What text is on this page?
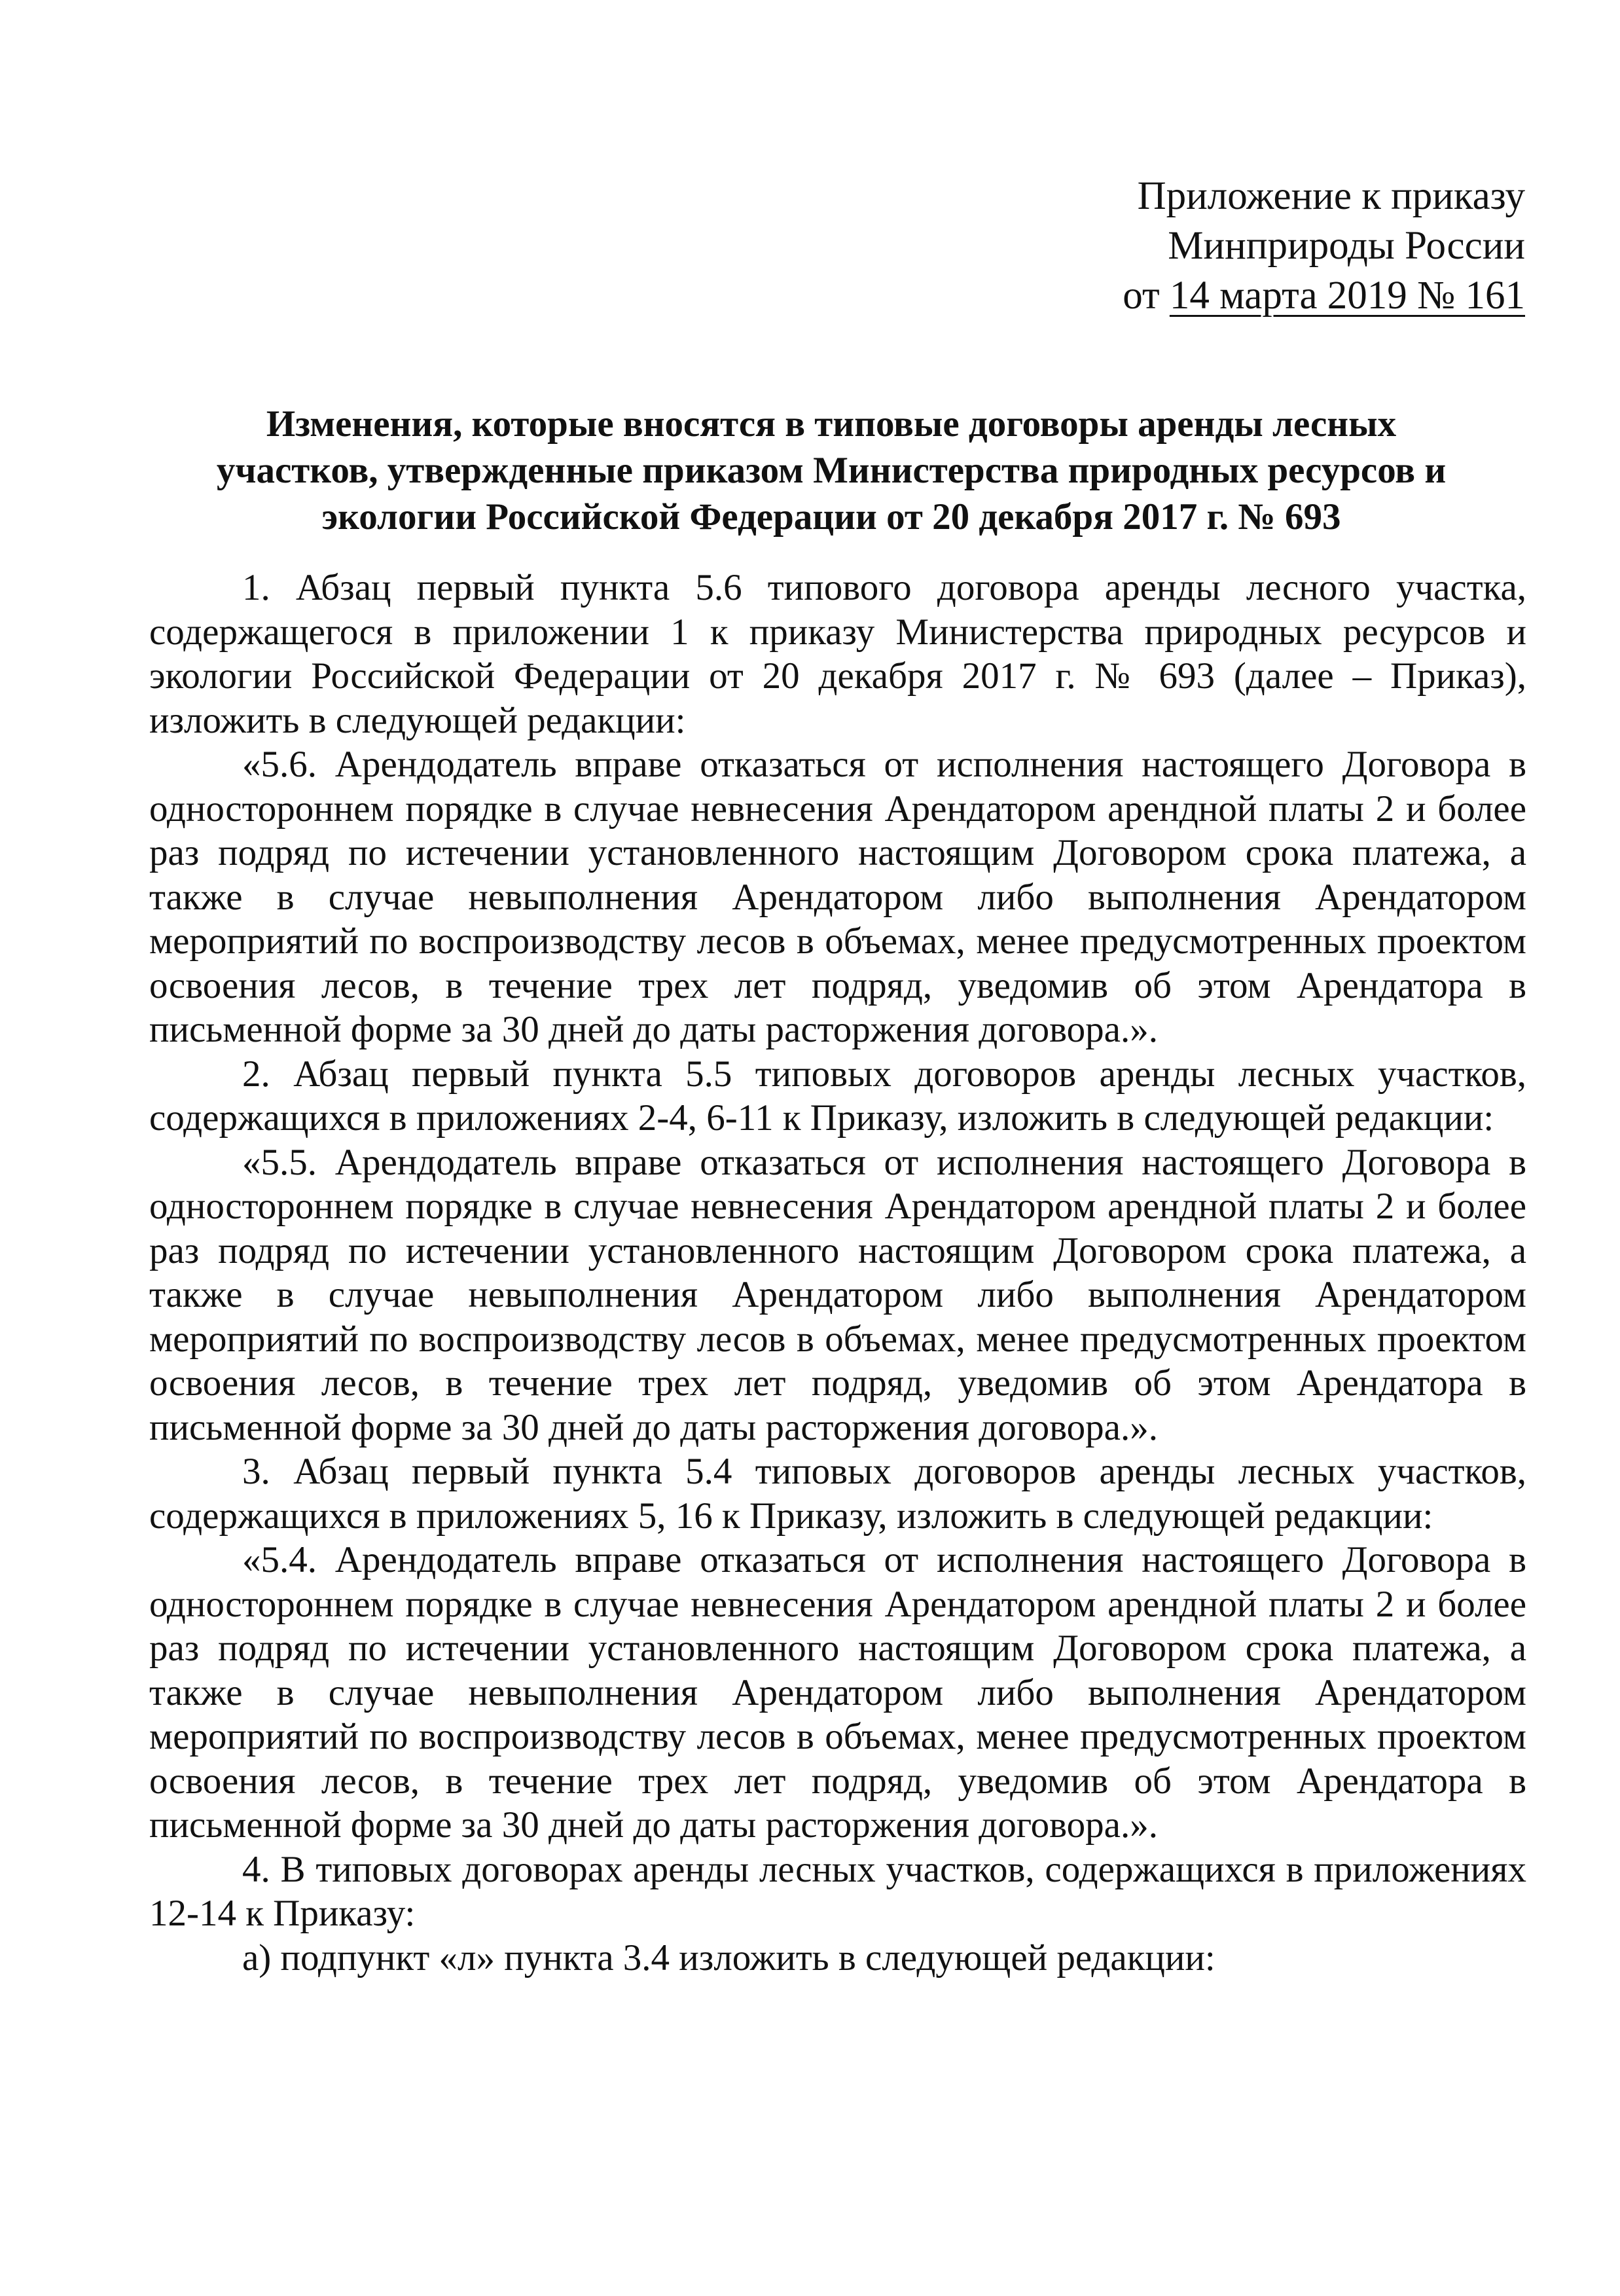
Приложение к приказу
Минприроды России
от 14 марта 2019 № 161
Изменения, которые вносятся в типовые договоры аренды лесных
участков, утвержденные приказом Министерства природных ресурсов и
экологии Российской Федерации от 20 декабря 2017 г. № 693

1. Абзац первый пункта 5.6 типового договора аренды лесного участка, содержащегося в приложении 1 к приказу Министерства природных ресурсов и экологии Российской Федерации от 20 декабря 2017 г. № 693 (далее – Приказ), изложить в следующей редакции:

«5.6. Арендодатель вправе отказаться от исполнения настоящего Договора в одностороннем порядке в случае невнесения Арендатором арендной платы 2 и более раз подряд по истечении установленного настоящим Договором срока платежа, а также в случае невыполнения Арендатором либо выполнения Арендатором мероприятий по воспроизводству лесов в объемах, менее предусмотренных проектом освоения лесов, в течение трех лет подряд, уведомив об этом Арендатора в письменной форме за 30 дней до даты расторжения договора.».

2. Абзац первый пункта 5.5 типовых договоров аренды лесных участков, содержащихся в приложениях 2-4, 6-11 к Приказу, изложить в следующей редакции:

«5.5. Арендодатель вправе отказаться от исполнения настоящего Договора в одностороннем порядке в случае невнесения Арендатором арендной платы 2 и более раз подряд по истечении установленного настоящим Договором срока платежа, а также в случае невыполнения Арендатором либо выполнения Арендатором мероприятий по воспроизводству лесов в объемах, менее предусмотренных проектом освоения лесов, в течение трех лет подряд, уведомив об этом Арендатора в письменной форме за 30 дней до даты расторжения договора.».

3. Абзац первый пункта 5.4 типовых договоров аренды лесных участков, содержащихся в приложениях 5, 16 к Приказу, изложить в следующей редакции:

«5.4. Арендодатель вправе отказаться от исполнения настоящего Договора в одностороннем порядке в случае невнесения Арендатором арендной платы 2 и более раз подряд по истечении установленного настоящим Договором срока платежа, а также в случае невыполнения Арендатором либо выполнения Арендатором мероприятий по воспроизводству лесов в объемах, менее предусмотренных проектом освоения лесов, в течение трех лет подряд, уведомив об этом Арендатора в письменной форме за 30 дней до даты расторжения договора.».

4. В типовых договорах аренды лесных участков, содержащихся в приложениях 12-14 к Приказу:

а) подпункт «л» пункта 3.4 изложить в следующей редакции:
